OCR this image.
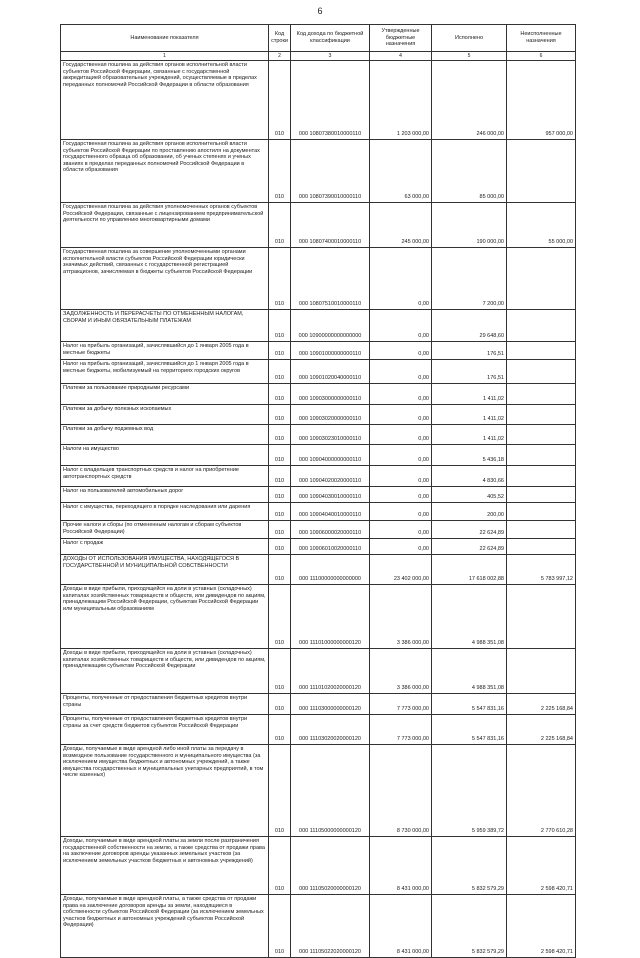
6
Наименование показателя	Код строки	Код дохода по бюджетной классификации	Утвержденные бюджетные назначения	Исполнено	Неисполненные назначения
1	2	3	4	5	6
Государственная пошлина за действия органов исполнительной власти субъектов Российской Федерации, связанные с государственной аккредитацией образовательных учреждений, осуществляемые в пределах переданных полномочий Российской Федерации в области образования	010	000 10807380010000110	1 203 000,00	246 000,00	957 000,00
Государственная пошлина за действия органов исполнительной власти субъектов Российской Федерации по проставлению апостиля на документах государственного образца об образовании, об ученых степенях и ученых званиях в пределах переданных полномочий Российской Федерации в области образования	010	000 10807390010000110	63 000,00	85 000,00	
Государственная пошлина за действия уполномоченных органов субъектов Российской Федерации, связанные с лицензированием предпринимательской деятельности по управлению многоквартирными домами	010	000 10807400010000110	245 000,00	190 000,00	55 000,00
Государственная пошлина за совершение уполномоченными органами исполнительной власти субъектов Российской Федерации юридически значимых действий, связанных с государственной регистрацией аттракционов, зачисляемая в бюджеты субъектов Российской Федерации	010	000 10807510010000110	0,00	7 200,00	
ЗАДОЛЖЕННОСТЬ И ПЕРЕРАСЧЕТЫ ПО ОТМЕНЕННЫМ НАЛОГАМ, СБОРАМ И ИНЫМ ОБЯЗАТЕЛЬНЫМ ПЛАТЕЖАМ	010	000 10900000000000000	0,00	29 648,60	
Налог на прибыль организаций, зачислявшийся до 1 января 2005 года в местные бюджеты	010	000 10901000000000110	0,00	176,51	
Налог на прибыль организаций, зачислявшийся до 1 января 2005 года в местные бюджеты, мобилизуемый на территориях городских округов	010	000 10901020040000110	0,00	176,51	
Платежи за пользование природными ресурсами	010	000 10903000000000110	0,00	1 411,02	
Платежи за добычу полезных ископаемых	010	000 10903020000000110	0,00	1 411,02	
Платежи за добычу подземных вод	010	000 10903023010000110	0,00	1 411,02	
Налоги на имущество	010	000 10904000000000110	0,00	5 436,18	
Налог с владельцев транспортных средств и налог на приобретение автотранспортных средств	010	000 10904020020000110	0,00	4 830,66	
Налог на пользователей автомобильных дорог	010	000 10904030010000110	0,00	405,52	
Налог с имущества, переходящего в порядке наследования или дарения	010	000 10904040010000110	0,00	200,00	
Прочие налоги и сборы (по отмененным налогам и сборам субъектов Российской Федерации)	010	000 10906000020000110	0,00	22 624,89	
Налог с продаж	010	000 10906010020000110	0,00	22 624,89	
ДОХОДЫ ОТ ИСПОЛЬЗОВАНИЯ ИМУЩЕСТВА, НАХОДЯЩЕГОСЯ В ГОСУДАРСТВЕННОЙ И МУНИЦИПАЛЬНОЙ СОБСТВЕННОСТИ	010	000 11100000000000000	23 402 000,00	17 618 002,88	5 783 997,12
Доходы в виде прибыли, приходящейся на доли в уставных (складочных) капиталах хозяйственных товариществ и обществ, или дивидендов по акциям, принадлежащим Российской Федерации, субъектам Российской Федерации или муниципальным образованиям	010	000 11101000000000120	3 386 000,00	4 988 351,08	
Доходы в виде прибыли, приходящейся на доли в уставных (складочных) капиталах хозяйственных товариществ и обществ, или дивидендов по акциям, принадлежащим субъектам Российской Федерации	010	000 11101020020000120	3 386 000,00	4 988 351,08	
Проценты, полученные от предоставления бюджетных кредитов внутри страны	010	000 11103000000000120	7 773 000,00	5 547 831,16	2 225 168,84
Проценты, полученные от предоставления бюджетных кредитов внутри страны за счет средств бюджетов субъектов Российской Федерации	010	000 11103020020000120	7 773 000,00	5 547 831,16	2 225 168,84
Доходы, получаемые в виде арендной либо иной платы за передачу в возмездное пользование государственного и муниципального имущества (за исключением имущества бюджетных и автономных учреждений, а также имущества государственных и муниципальных унитарных предприятий, в том числе казенных)	010	000 11105000000000120	8 730 000,00	5 959 389,72	2 770 610,28
Доходы, получаемые в виде арендной платы за земли после разграничения государственной собственности на землю, а также средства от продажи права на заключение договоров аренды указанных земельных участков (за исключением земельных участков бюджетных и автономных учреждений)	010	000 11105020000000120	8 431 000,00	5 832 579,29	2 598 420,71
Доходы, получаемые в виде арендной платы, а также средства от продажи права на заключение договоров аренды за земли, находящиеся в собственности субъектов Российской Федерации (за исключением земельных участков бюджетных и автономных учреждений субъектов Российской Федерации)	010	000 11105022020000120	8 431 000,00	5 832 579,29	2 598 420,71
